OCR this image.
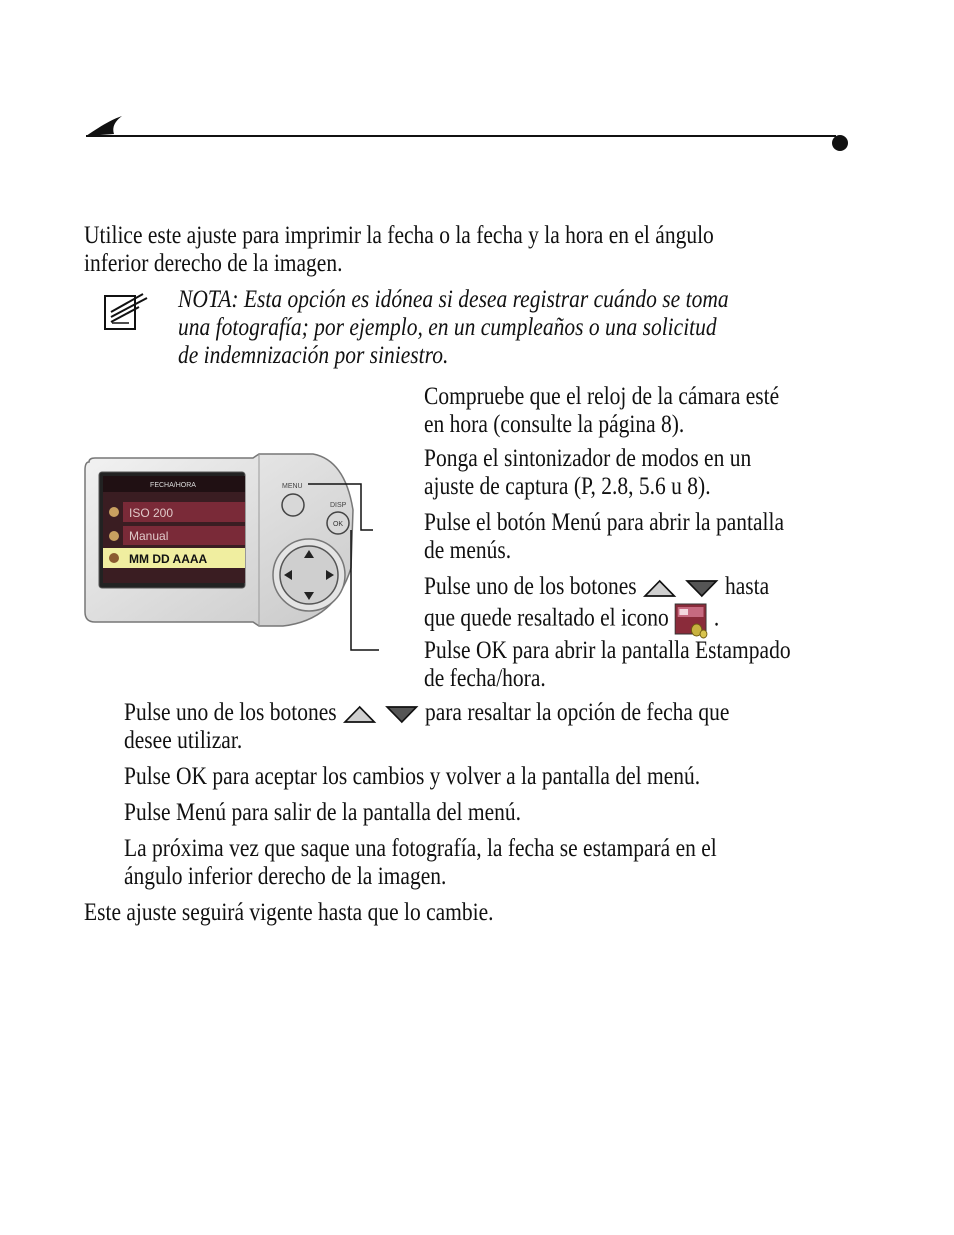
Utilice este ajuste para imprimir la fecha o la fecha y la hora en el ángulo
inferior derecho de la imagen.
NOTA: Esta opción es idónea si desea registrar cuándo se toma
una fotografía; por ejemplo, en un cumpleaños o una solicitud
de indemnización por siniestro.
FECHA/HORA
ISO 200
Manual
MM DD AAAA
MENU
DISP
OK
Compruebe que el reloj de la cámara esté
en hora (consulte la página 8).
Ponga el sintonizador de modos en un
ajuste de captura (P, 2.8, 5.6 u 8).
Pulse el botón Menú para abrir la pantalla
de menús.
Pulse uno de los botones	hasta
que quede resaltado el icono .
Pulse OK para abrir la pantalla Estampado
de fecha/hora.
Pulse uno de los botones	para resaltar la opción de fecha que
desee utilizar.
Pulse OK para aceptar los cambios y volver a la pantalla del menú.
Pulse Menú para salir de la pantalla del menú.
La próxima vez que saque una fotografía, la fecha se estampará en el
ángulo inferior derecho de la imagen.
Este ajuste seguirá vigente hasta que lo cambie.
